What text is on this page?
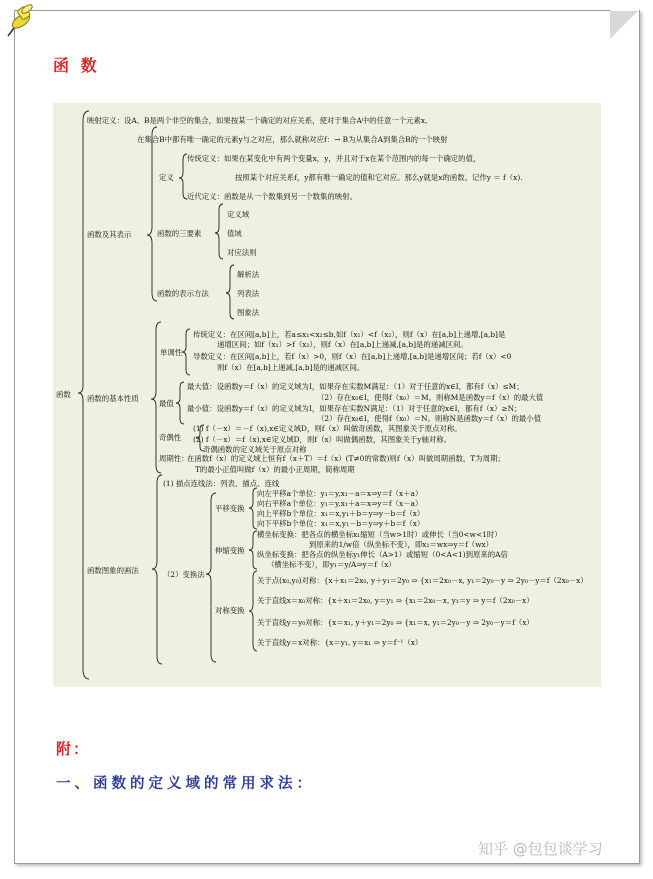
函 数
函数
函数及其表示
映射定义：设A、B是两个非空的集合，如果按某一个确定的对应关系，使对于集合A中的任意一个元素x,
在集合B中都有唯一确定的元素y与之对应，那么就称对应f：→ B为从集合A到集合B的一个映射
定义
传统定义：如果在某变化中有两个变量x，y，并且对于x在某个范围内的每一个确定的值，
按照某个对应关系f，y都有唯一确定的值和它对应。那么y就是x的函数。记作y ＝ f（x).
近代定义：函数是从一个数集到另一个数集的映射。
函数的三要素
定义域
值域
对应法则
函数的表示方法
解析法
列表法
图象法
函数的基本性质
单调性
传统定义：在区间[a,b]上，若a≤x₁<x₂≤b,如f（x₁）<f（x₂），则f（x）在[a,b]上递增,[a,b]是
递增区间；如f（x₁）>f（x₂），则f（x）在[a,b]上递减,[a,b]是的递减区间。
导数定义：在区间[a,b]上，若f（x）>0，则f（x）在[a,b]上递增,[a,b]是递增区间；若f（x）<0
则f（x）在[a,b]上递减,[a,b]是的递减区间。
最值
最大值：设函数y＝f（x）的定义域为I，如果存在实数M满足：（1）对于任意的x∈I，都有f（x）≤M；
（2）存在x₀∈I，使得f（x₀）＝M。则称M是函数y＝f（x）的最大值
最小值：设函数y＝f（x）的定义域为I，如果存在实数N满足：（1）对于任意的x∈I，都有f（x）≥N；
（2）存在x₀∈I，使得f（x₀）＝N。则称N是函数y＝f（x）的最小值
奇偶性
(1) f（－x）＝－f（x),x∈定义域D，则f（x）叫做奇函数，其图象关于原点对称。
(2) f（－x）＝f（x),x∈定义域D，则f（x）叫做偶函数，其图象关于y轴对称。
奇偶函数的定义域关于原点对称
周期性：
在函数f（x）的定义域上恒有f（x＋T）＝f（x）(T≠0的常数)则f（x）叫做周期函数，T为周期；
T的最小正值叫做f（x）的最小正周期，简称周期
函数图象的画法
(1) 描点连线法：列表、描点、连线
（2）变换法
平移变换
向左平移a个单位：y₁＝y,x₁－a＝x⇒y＝f（x＋a）
向右平移a个单位：y₁＝y,x₁＋a＝x⇒y＝f（x－a）
向上平移b个单位：x₁＝x,y₁＋b＝y⇒y－b＝f（x）
向下平移b个单位：x₁＝x,y₁－b＝y⇒y＋b＝f（x）
伸缩变换
横坐标变换：把各点的横坐标x₁缩短（当w>1时）或伸长（当0<w<1时）
到原来的1/w倍（纵坐标不变），即x₁＝wx⇒y＝f（wx）
纵坐标变换：把各点的纵坐标y₁伸长（A>1）或缩短（0<A<1)到原来的A倍
（横坐标不变），即y₁＝y/A⇒y＝f（x）
对称变换
关于点(x₀,y₀)对称：{x＋x₁＝2x₀, y＋y₁＝2y₀ ⇒ {x₁＝2x₀－x, y₁＝2y₀－y ⇒ 2y₀－y＝f（2x₀－x）
关于直线x＝x₀对称：{x＋x₁＝2x₀, y＝y₁ ⇒ {x₁＝2x₀－x, y₁＝y ⇒ y＝f（2x₀－x）
关于直线y＝y₀对称：{x＝x₁, y＋y₁＝2y₀ ⇒ {x₁＝x, y₁＝2y₀－y ⇒ 2y₀－y＝f（x）
关于直线y＝x对称：{x＝y₁, y＝x₁ ⇒ y＝f⁻¹（x）
附：
一、函数的定义域的常用求法：
知乎 @包包谈学习
